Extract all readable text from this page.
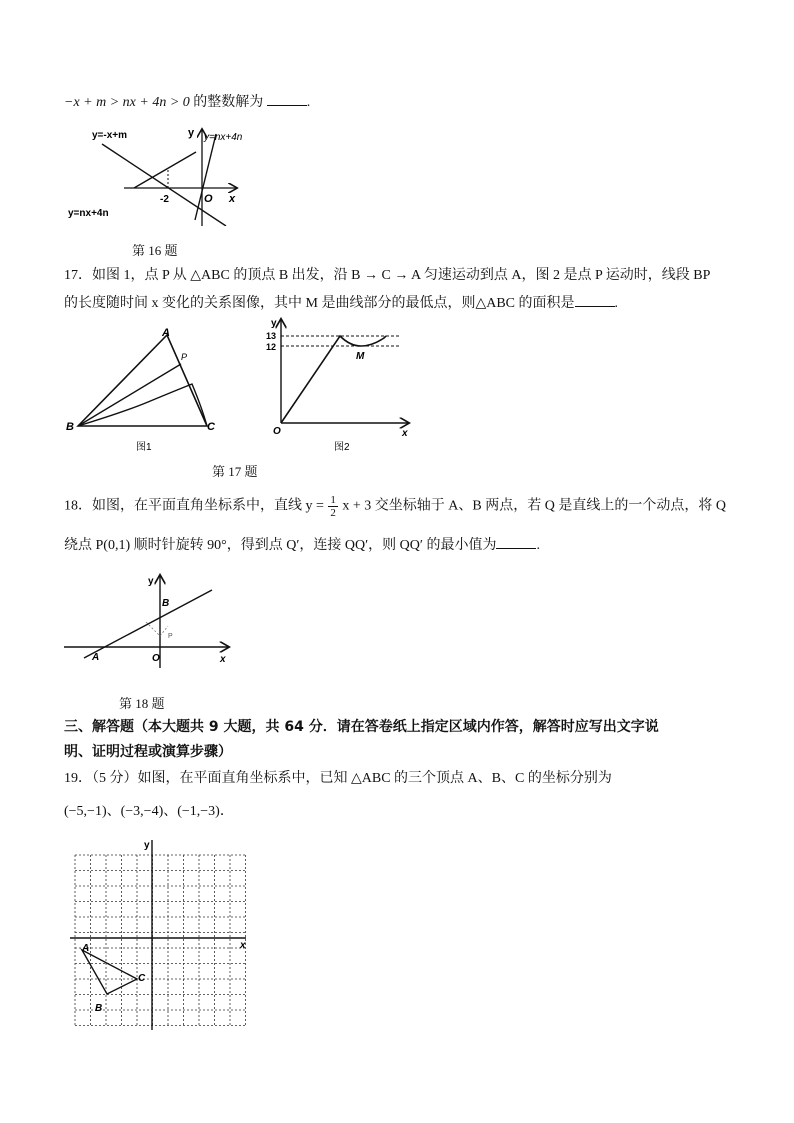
−x + m > nx + 4n > 0 的整数解为	.
y=-x+m	y=nx+4n
y
x
O
-2
y=nx+4n
第 16 题
17．如图 1，点 P 从 △ABC 的顶点 B 出发，沿 B → C → A 匀速运动到点 A，图 2 是点 P 运动时，线段 BP
的长度随时间 x 变化的关系图像，其中 M 是曲线部分的最低点，则△ABC 的面积是	.
A
P
B	C
图1
y
13
12
M
O	x
图2
第 17 题
18．如图，在平面直角坐标系中，直线 $y = \frac{1}{2}$ x + 3 交坐标轴于 A、B 两点，若 Q 是直线上的一个动点，将 Q
绕点 P(0,1) 顺时针旋转 90°，得到点 Q′，连接 QQ′，则 QQ′ 的最小值为	.
y
B
P
A	O	x
第 18 题
三、解答题（本大题共 9 大题，共 64 分．请在答卷纸上指定区域内作答，解答时应写出文字说
明、证明过程或演算步骤）
19．（5 分）如图，在平面直角坐标系中，已知 △ABC 的三个顶点 A、B、C 的坐标分别为
(−5,−1)、(−3,−4)、(−1,−3)．
y
x
A
B
C
